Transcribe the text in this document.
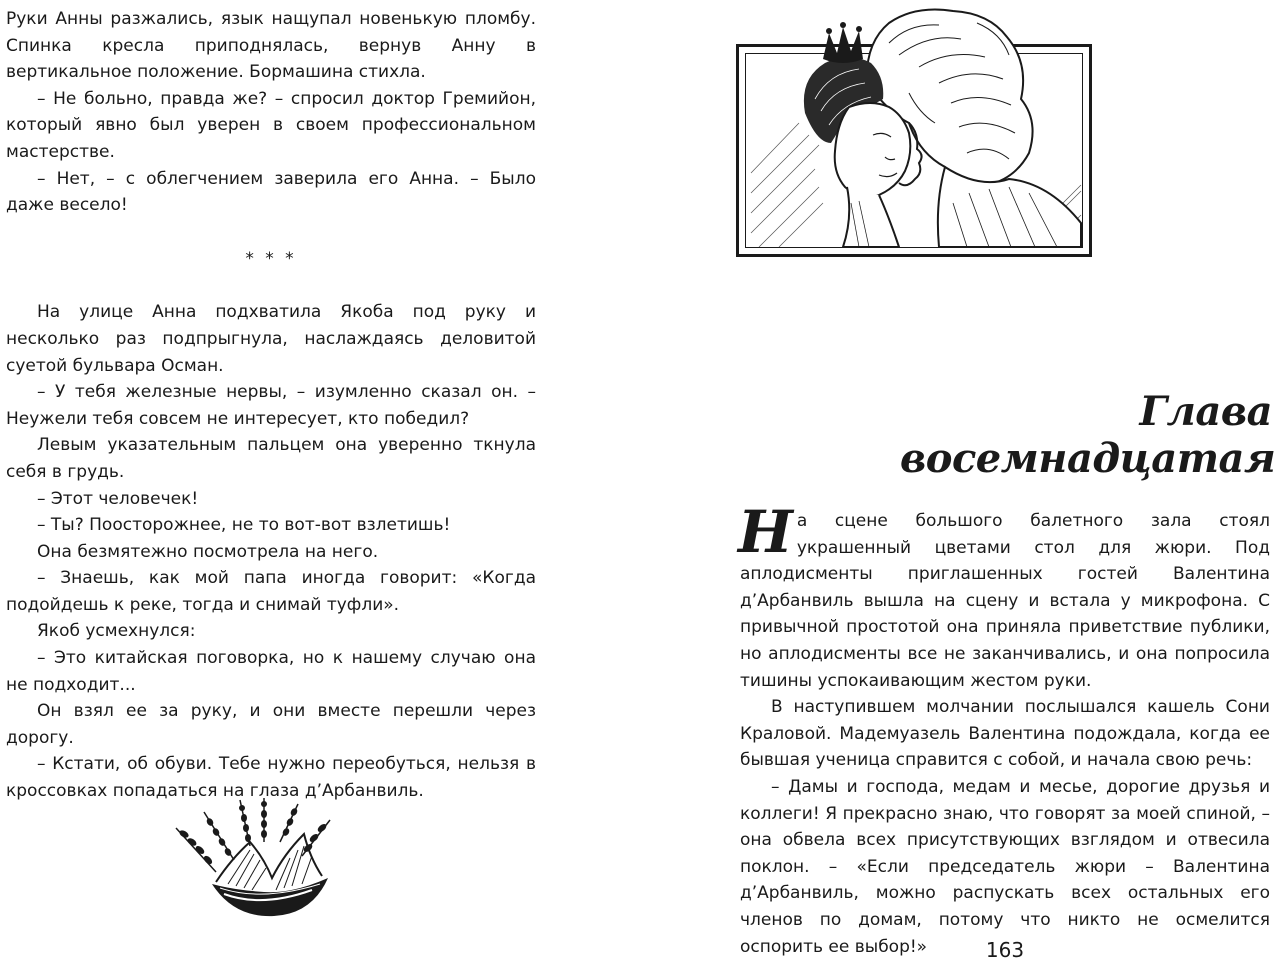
Руки Анны разжались, язык нащупал новенькую пломбу. Спинка кресла приподнялась, вернув Анну в вертикальное положение. Бормашина стихла.

– Не больно, правда же? – спросил доктор Гремийон, который явно был уверен в своем профессиональном мастерстве.

– Нет, – с облегчением заверила его Анна. – Было даже весело!

* * *

На улице Анна подхватила Якоба под руку и несколько раз подпрыгнула, наслаждаясь деловитой суетой бульвара Осман.

– У тебя железные нервы, – изумленно сказал он. – Неужели тебя совсем не интересует, кто победил?

Левым указательным пальцем она уверенно ткнула себя в грудь.

– Этот человечек!

– Ты? Поосторожнее, не то вот-вот взлетишь!

Она безмятежно посмотрела на него.

– Знаешь, как мой папа иногда говорит: «Когда подойдешь к реке, тогда и снимай туфли».

Якоб усмехнулся:

– Это китайская поговорка, но к нашему случаю она не подходит...

Он взял ее за руку, и они вместе перешли через дорогу.

– Кстати, об обуви. Тебе нужно переобуться, нельзя в кроссовках попадаться на глаза д’Арбанвиль.

Глава восемнадцатая

На сцене большого балетного зала стоял украшенный цветами стол для жюри. Под аплодисменты приглашенных гостей Валентина д’Арбанвиль вышла на сцену и встала у микрофона. С привычной простотой она приняла приветствие публики, но аплодисменты все не заканчивались, и она попросила тишины успокаивающим жестом руки.

В наступившем молчании послышался кашель Сони Краловой. Мадемуазель Валентина подождала, когда ее бывшая ученица справится с собой, и начала свою речь:

– Дамы и господа, медам и месье, дорогие друзья и коллеги! Я прекрасно знаю, что говорят за моей спиной, – она обвела всех присутствующих взглядом и отвесила поклон. – «Если председатель жюри – Валентина д’Арбанвиль, можно распускать всех остальных его членов по домам, потому что никто не осмелится оспорить ее выбор!»	163
